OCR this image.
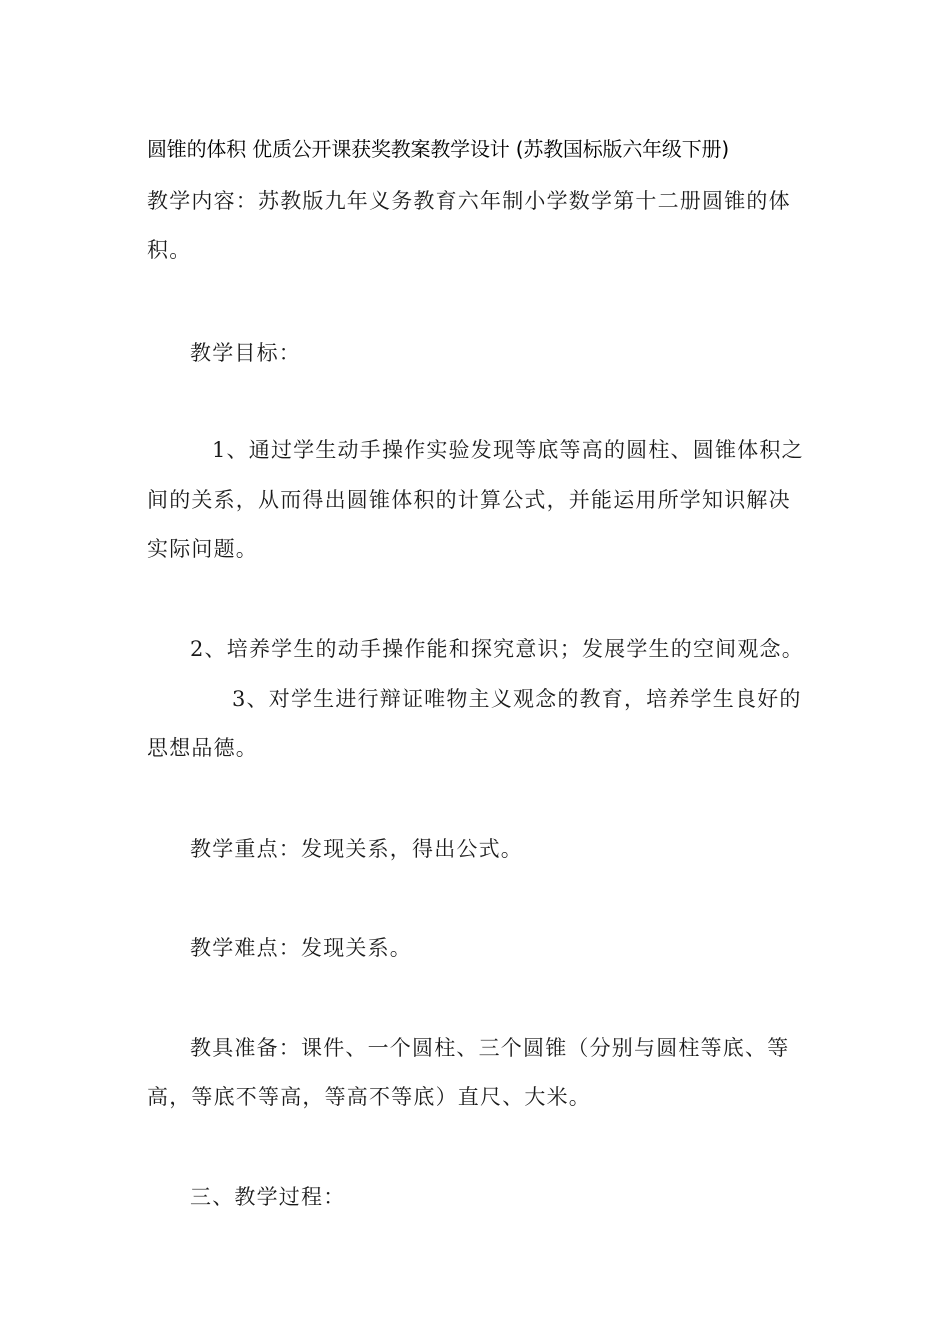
圆锥的体积 优质公开课获奖教案教学设计 (苏教国标版六年级下册)
教学内容：苏教版九年义务教育六年制小学数学第十二册圆锥的体
积。
教学目标：
1、通过学生动手操作实验发现等底等高的圆柱、圆锥体积之
间的关系，从而得出圆锥体积的计算公式，并能运用所学知识解决
实际问题。
2、培养学生的动手操作能和探究意识；发展学生的空间观念。
3、对学生进行辩证唯物主义观念的教育，培养学生良好的
思想品德。
教学重点：发现关系，得出公式。
教学难点：发现关系。
教具准备：课件、一个圆柱、三个圆锥（分别与圆柱等底、等
高，等底不等高，等高不等底）直尺、大米。
三、教学过程：
